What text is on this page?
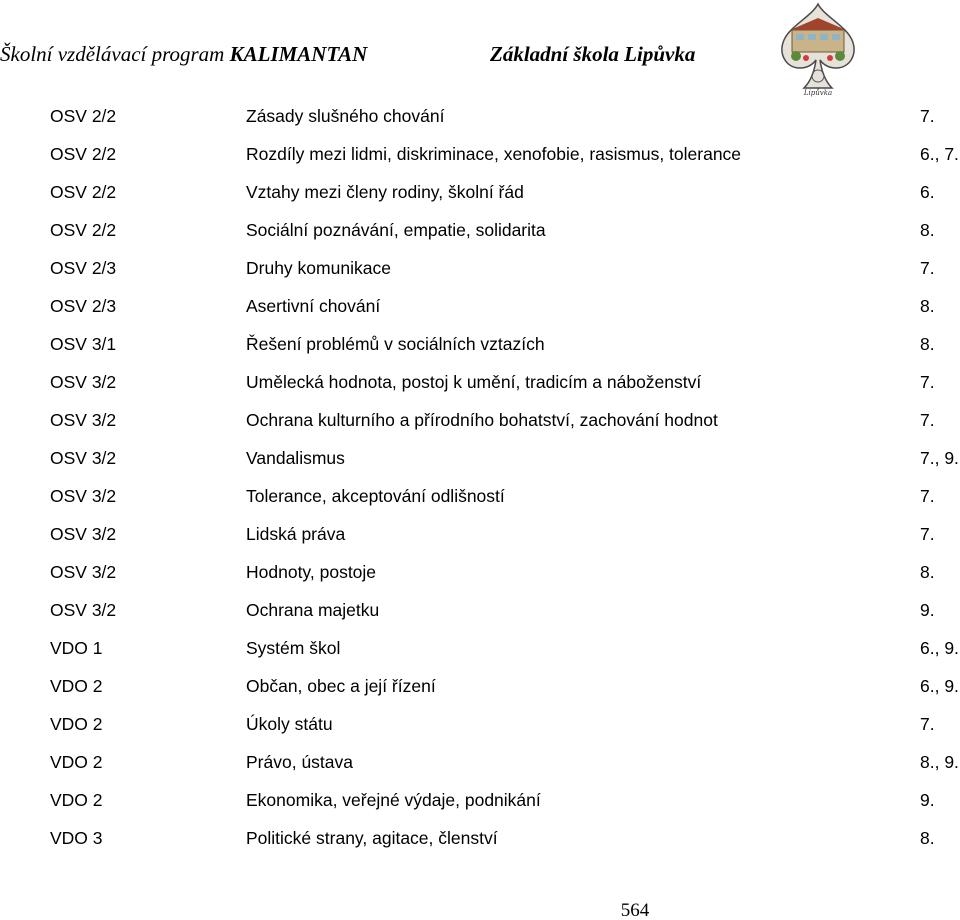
Školní vzdělávací program KALIMANTAN	Základní škola Lipůvka
Lipůvka
OSV 2/2	Zásady slušného chování	7.
OSV 2/2	Rozdíly mezi lidmi, diskriminace, xenofobie, rasismus, tolerance	6., 7.
OSV 2/2	Vztahy mezi členy rodiny, školní řád	6.
OSV 2/2	Sociální poznávání, empatie, solidarita	8.
OSV 2/3	Druhy komunikace	7.
OSV 2/3	Asertivní chování	8.
OSV 3/1	Řešení problémů v sociálních vztazích	8.
OSV 3/2	Umělecká hodnota, postoj k umění, tradicím a náboženství	7.
OSV 3/2	Ochrana kulturního a přírodního bohatství, zachování hodnot	7.
OSV 3/2	Vandalismus	7., 9.
OSV 3/2	Tolerance, akceptování odlišností	7.
OSV 3/2	Lidská práva	7.
OSV 3/2	Hodnoty, postoje	8.
OSV 3/2	Ochrana majetku	9.
VDO 1	Systém škol	6., 9.
VDO 2	Občan, obec a její řízení	6., 9.
VDO 2	Úkoly státu	7.
VDO 2	Právo, ústava	8., 9.
VDO 2	Ekonomika, veřejné výdaje, podnikání	9.
VDO 3	Politické strany, agitace, členství	8.
564
